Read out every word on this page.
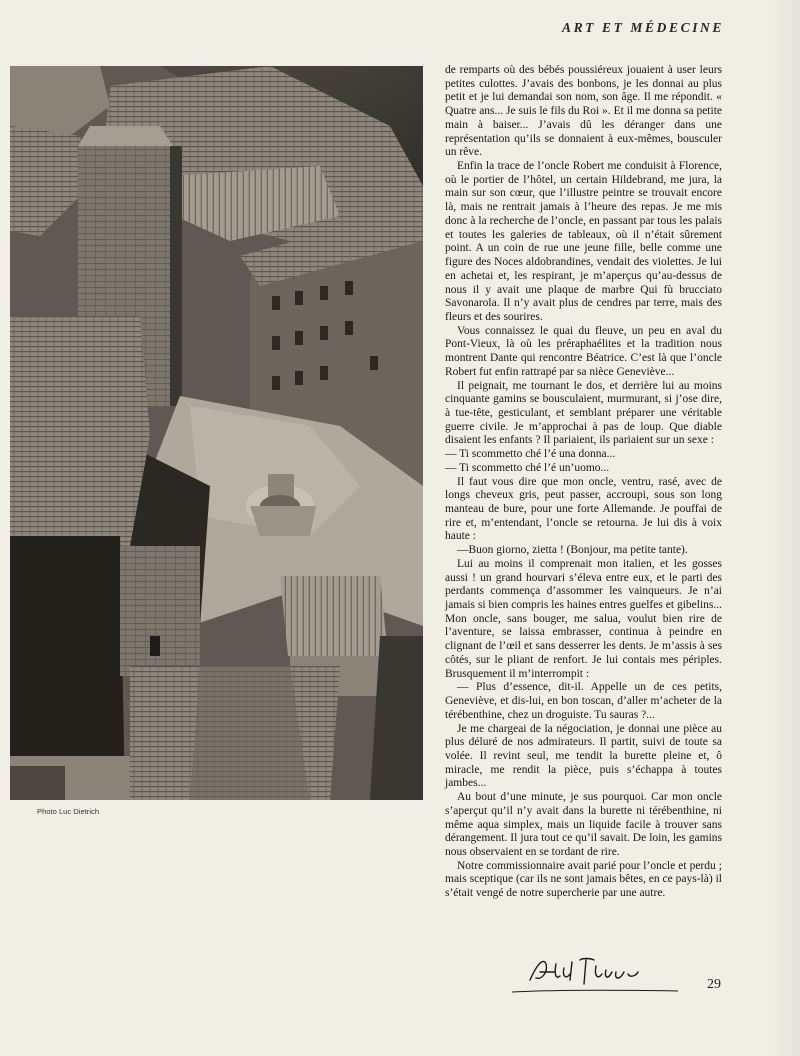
ART ET MÉDECINE
Photo Luc Dietrich

de remparts où des bébés poussiéreux jouaient à user leurs petites culottes. J’avais des bonbons, je les donnai au plus petit et je lui demandai son nom, son âge. Il me répondit. « Quatre ans... Je suis le fils du Roi ». Et il me donna sa petite main à baiser... J’avais dû les déranger dans une représentation qu’ils se donnaient à eux-mêmes, bousculer un rêve.

Enfin la trace de l’oncle Robert me conduisit à Florence, où le portier de l’hôtel, un certain Hildebrand, me jura, la main sur son cœur, que l’illustre peintre se trouvait encore là, mais ne rentrait jamais à l’heure des repas. Je me mis donc à la recherche de l’oncle, en passant par tous les palais et toutes les galeries de tableaux, où il n’était sûrement point. A un coin de rue une jeune fille, belle comme une figure des Noces aldobrandines, vendait des violettes. Je lui en achetai et, les respirant, je m’aperçus qu’au-dessus de nous il y avait une plaque de marbre Qui fù brucciato Savonarola. Il n’y avait plus de cendres par terre, mais des fleurs et des sourires.

Vous connaissez le quai du fleuve, un peu en aval du Pont-Vieux, là où les préraphaélites et la tradition nous montrent Dante qui rencontre Béatrice. C’est là que l’oncle Robert fut enfin rattrapé par sa nièce Geneviève...

Il peignait, me tournant le dos, et derrière lui au moins cinquante gamins se bousculaient, murmurant, si j’ose dire, à tue-tête, gesticulant, et semblant préparer une véritable guerre civile. Je m’approchai à pas de loup. Que diable disaient les enfants ? Il pariaient, ils pariaient sur un sexe :

— Ti scommetto ché l’é una donna...

— Ti scommetto ché l’é un’uomo...

Il faut vous dire que mon oncle, ventru, rasé, avec de longs cheveux gris, peut passer, accroupi, sous son long manteau de bure, pour une forte Allemande. Je pouffai de rire et, m’entendant, l’oncle se retourna. Je lui dis à voix haute :

—Buon giorno, zietta ! (Bonjour, ma petite tante).

Lui au moins il comprenait mon italien, et les gosses aussi ! un grand hourvari s’éleva entre eux, et le parti des perdants commença d’assommer les vainqueurs. Je n’ai jamais si bien compris les haines entres guelfes et gibelins... Mon oncle, sans bouger, me salua, voulut bien rire de l’aventure, se laissa embrasser, continua à peindre en clignant de l’œil et sans desserrer les dents. Je m’assis à ses côtés, sur le pliant de renfort. Je lui contais mes périples. Brusquement il m’interrompit :

— Plus d’essence, dit-il. Appelle un de ces petits, Geneviève, et dis-lui, en bon toscan, d’aller m’acheter de la térébenthine, chez un droguiste. Tu sauras ?...

Je me chargeai de la négociation, je donnai une pièce au plus déluré de nos admirateurs. Il partit, suivi de toute sa volée. Il revint seul, me tendit la burette pleine et, ô miracle, me rendit la pièce, puis s’échappa à toutes jambes...

Au bout d’une minute, je sus pourquoi. Car mon oncle s’aperçut qu’il n’y avait dans la burette ni térébenthine, ni même aqua simplex, mais un liquide facile à trouver sans dérangement. Il jura tout ce qu’il savait. De loin, les gamins nous observaient en se tordant de rire.

Notre commissionnaire avait parié pour l’oncle et perdu ; mais sceptique (car ils ne sont jamais bêtes, en ce pays-là) il s’était vengé de notre supercherie par une autre.

29
